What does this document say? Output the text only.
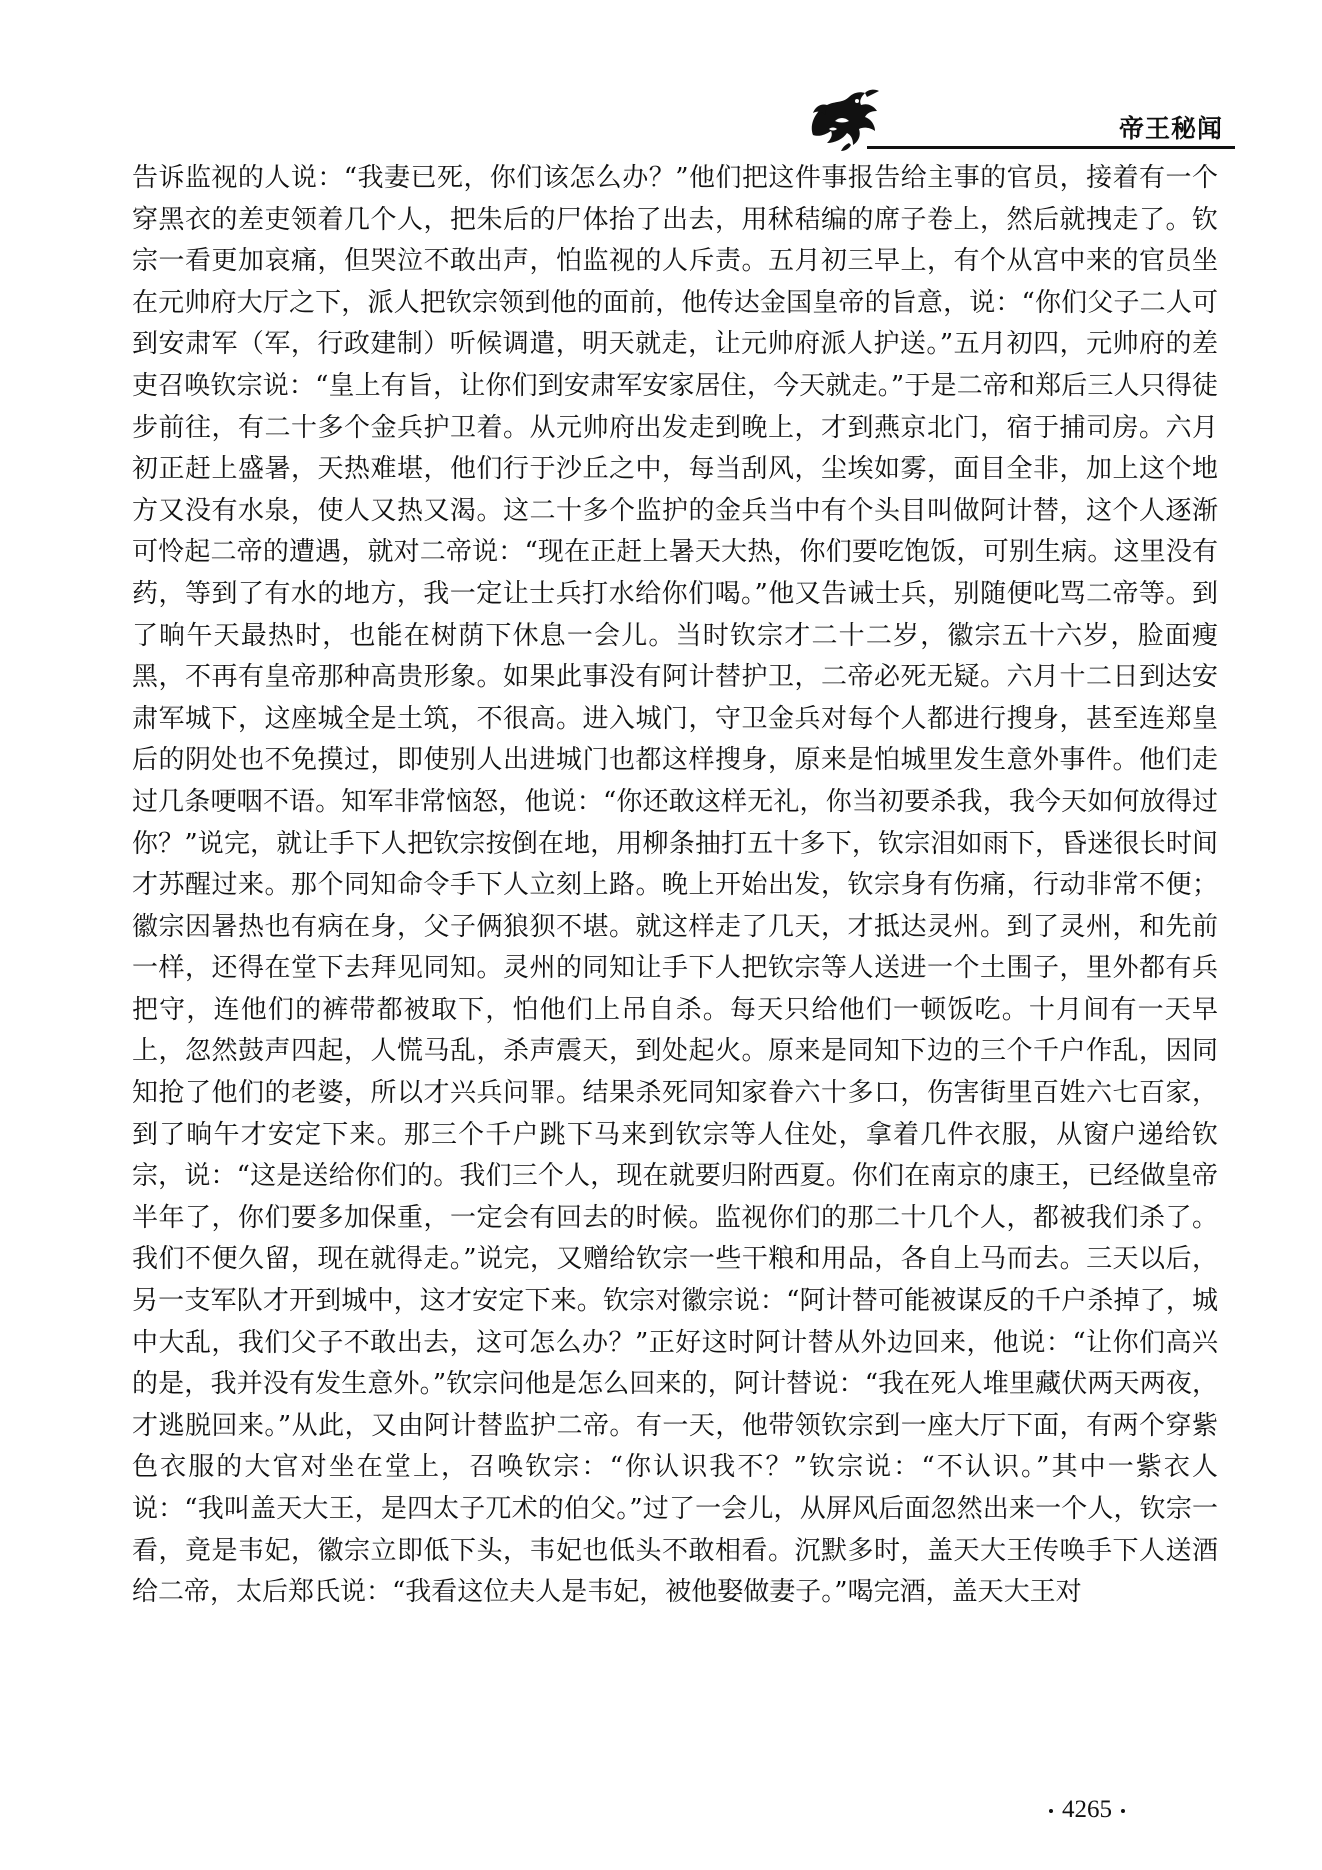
帝王秘闻

告诉监视的人说：“我妻已死，你们该怎么办？”他们把这件事报告给主事的官员，接着有一个穿黑衣的差吏领着几个人，把朱后的尸体抬了出去，用秫秸编的席子卷上，然后就拽走了。钦宗一看更加哀痛，但哭泣不敢出声，怕监视的人斥责。五月初三早上，有个从宫中来的官员坐在元帅府大厅之下，派人把钦宗领到他的面前，他传达金国皇帝的旨意，说：“你们父子二人可到安肃军（军，行政建制）听候调遣，明天就走，让元帅府派人护送。”五月初四，元帅府的差吏召唤钦宗说：“皇上有旨，让你们到安肃军安家居住，今天就走。”于是二帝和郑后三人只得徒步前往，有二十多个金兵护卫着。从元帅府出发走到晚上，才到燕京北门，宿于捕司房。六月初正赶上盛暑，天热难堪，他们行于沙丘之中，每当刮风，尘埃如雾，面目全非，加上这个地方又没有水泉，使人又热又渴。这二十多个监护的金兵当中有个头目叫做阿计替，这个人逐渐可怜起二帝的遭遇，就对二帝说：“现在正赶上暑天大热，你们要吃饱饭，可别生病。这里没有药，等到了有水的地方，我一定让士兵打水给你们喝。”他又告诫士兵，别随便叱骂二帝等。到了晌午天最热时，也能在树荫下休息一会儿。当时钦宗才二十二岁，徽宗五十六岁，脸面瘦黑，不再有皇帝那种高贵形象。如果此事没有阿计替护卫，二帝必死无疑。六月十二日到达安肃军城下，这座城全是土筑，不很高。进入城门，守卫金兵对每个人都进行搜身，甚至连郑皇后的阴处也不免摸过，即使别人出进城门也都这样搜身，原来是怕城里发生意外事件。他们走过几条哽咽不语。知军非常恼怒，他说：“你还敢这样无礼，你当初要杀我，我今天如何放得过你？”说完，就让手下人把钦宗按倒在地，用柳条抽打五十多下，钦宗泪如雨下，昏迷很长时间才苏醒过来。那个同知命令手下人立刻上路。晚上开始出发，钦宗身有伤痛，行动非常不便；徽宗因暑热也有病在身，父子俩狼狈不堪。就这样走了几天，才抵达灵州。到了灵州，和先前一样，还得在堂下去拜见同知。灵州的同知让手下人把钦宗等人送进一个土围子，里外都有兵把守，连他们的裤带都被取下，怕他们上吊自杀。每天只给他们一顿饭吃。十月间有一天早上，忽然鼓声四起，人慌马乱，杀声震天，到处起火。原来是同知下边的三个千户作乱，因同知抢了他们的老婆，所以才兴兵问罪。结果杀死同知家眷六十多口，伤害街里百姓六七百家，到了晌午才安定下来。那三个千户跳下马来到钦宗等人住处，拿着几件衣服，从窗户递给钦宗，说：“这是送给你们的。我们三个人，现在就要归附西夏。你们在南京的康王，已经做皇帝半年了，你们要多加保重，一定会有回去的时候。监视你们的那二十几个人，都被我们杀了。我们不便久留，现在就得走。”说完，又赠给钦宗一些干粮和用品，各自上马而去。三天以后，另一支军队才开到城中，这才安定下来。钦宗对徽宗说：“阿计替可能被谋反的千户杀掉了，城中大乱，我们父子不敢出去，这可怎么办？”正好这时阿计替从外边回来，他说：“让你们高兴的是，我并没有发生意外。”钦宗问他是怎么回来的，阿计替说：“我在死人堆里藏伏两天两夜，才逃脱回来。”从此，又由阿计替监护二帝。有一天，他带领钦宗到一座大厅下面，有两个穿紫色衣服的大官对坐在堂上，召唤钦宗：“你认识我不？”钦宗说：“不认识。”其中一紫衣人说：“我叫盖天大王，是四太子兀术的伯父。”过了一会儿，从屏风后面忽然出来一个人，钦宗一看，竟是韦妃，徽宗立即低下头，韦妃也低头不敢相看。沉默多时，盖天大王传唤手下人送酒给二帝，太后郑氏说：“我看这位夫人是韦妃，被他娶做妻子。”喝完酒，盖天大王对

4265
